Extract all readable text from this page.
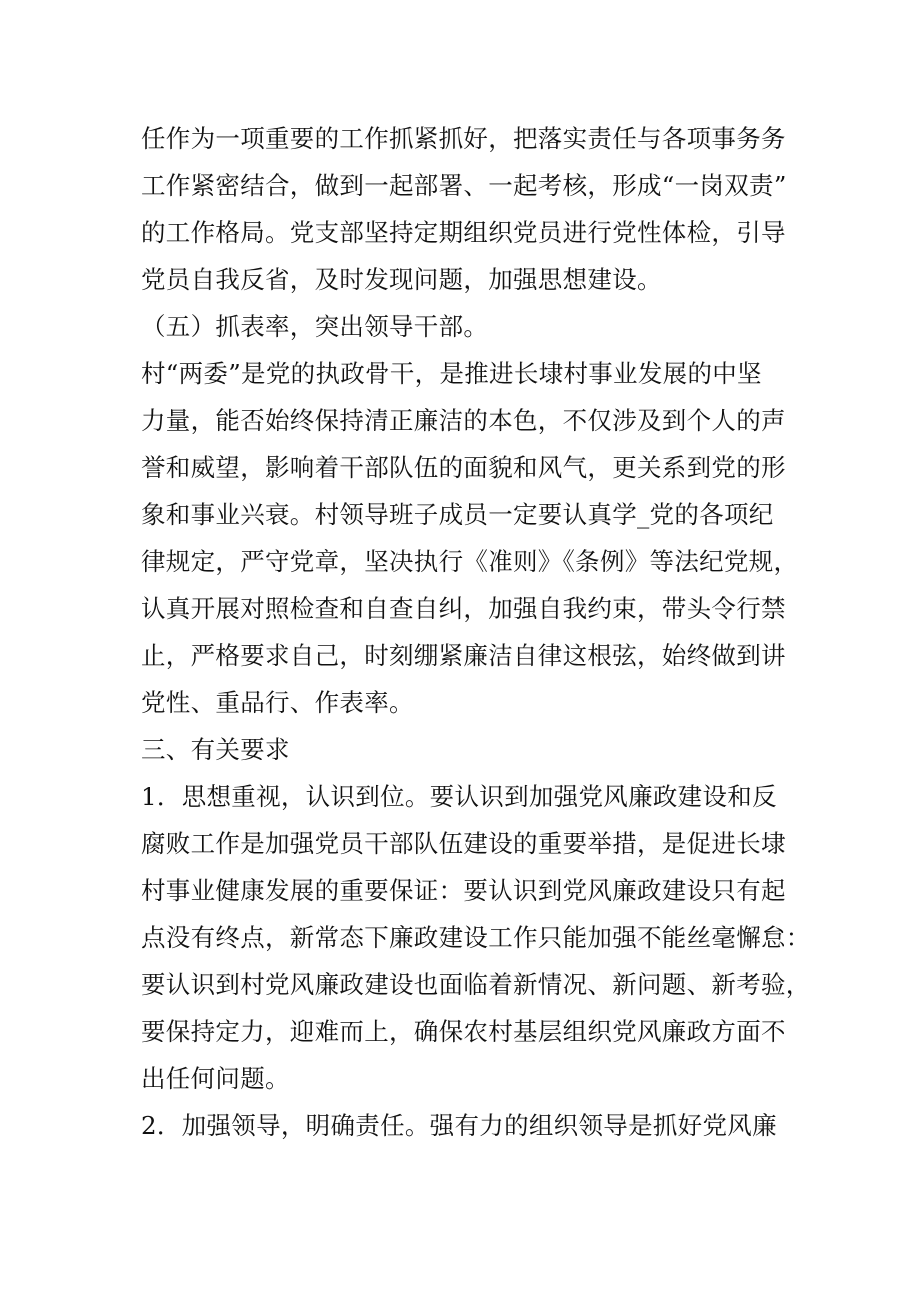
任作为一项重要的工作抓紧抓好，把落实责任与各项事务务
工作紧密结合，做到一起部署、一起考核，形成“一岗双责”
的工作格局。党支部坚持定期组织党员进行党性体检，引导
党员自我反省，及时发现问题，加强思想建设。
（五）抓表率，突出领导干部。
村“两委”是党的执政骨干，是推进长埭村事业发展的中坚
力量，能否始终保持清正廉洁的本色，不仅涉及到个人的声
誉和威望，影响着干部队伍的面貌和风气，更关系到党的形
象和事业兴衰。村领导班子成员一定要认真学_党的各项纪
律规定，严守党章，坚决执行《准则》《条例》等法纪党规，
认真开展对照检查和自查自纠，加强自我约束，带头令行禁
止，严格要求自己，时刻绷紧廉洁自律这根弦，始终做到讲
党性、重品行、作表率。
三、有关要求
1．思想重视，认识到位。要认识到加强党风廉政建设和反
腐败工作是加强党员干部队伍建设的重要举措，是促进长埭
村事业健康发展的重要保证：要认识到党风廉政建设只有起
点没有终点，新常态下廉政建设工作只能加强不能丝毫懈怠：
要认识到村党风廉政建设也面临着新情况、新问题、新考验，
要保持定力，迎难而上，确保农村基层组织党风廉政方面不
出任何问题。
2．加强领导，明确责任。强有力的组织领导是抓好党风廉
